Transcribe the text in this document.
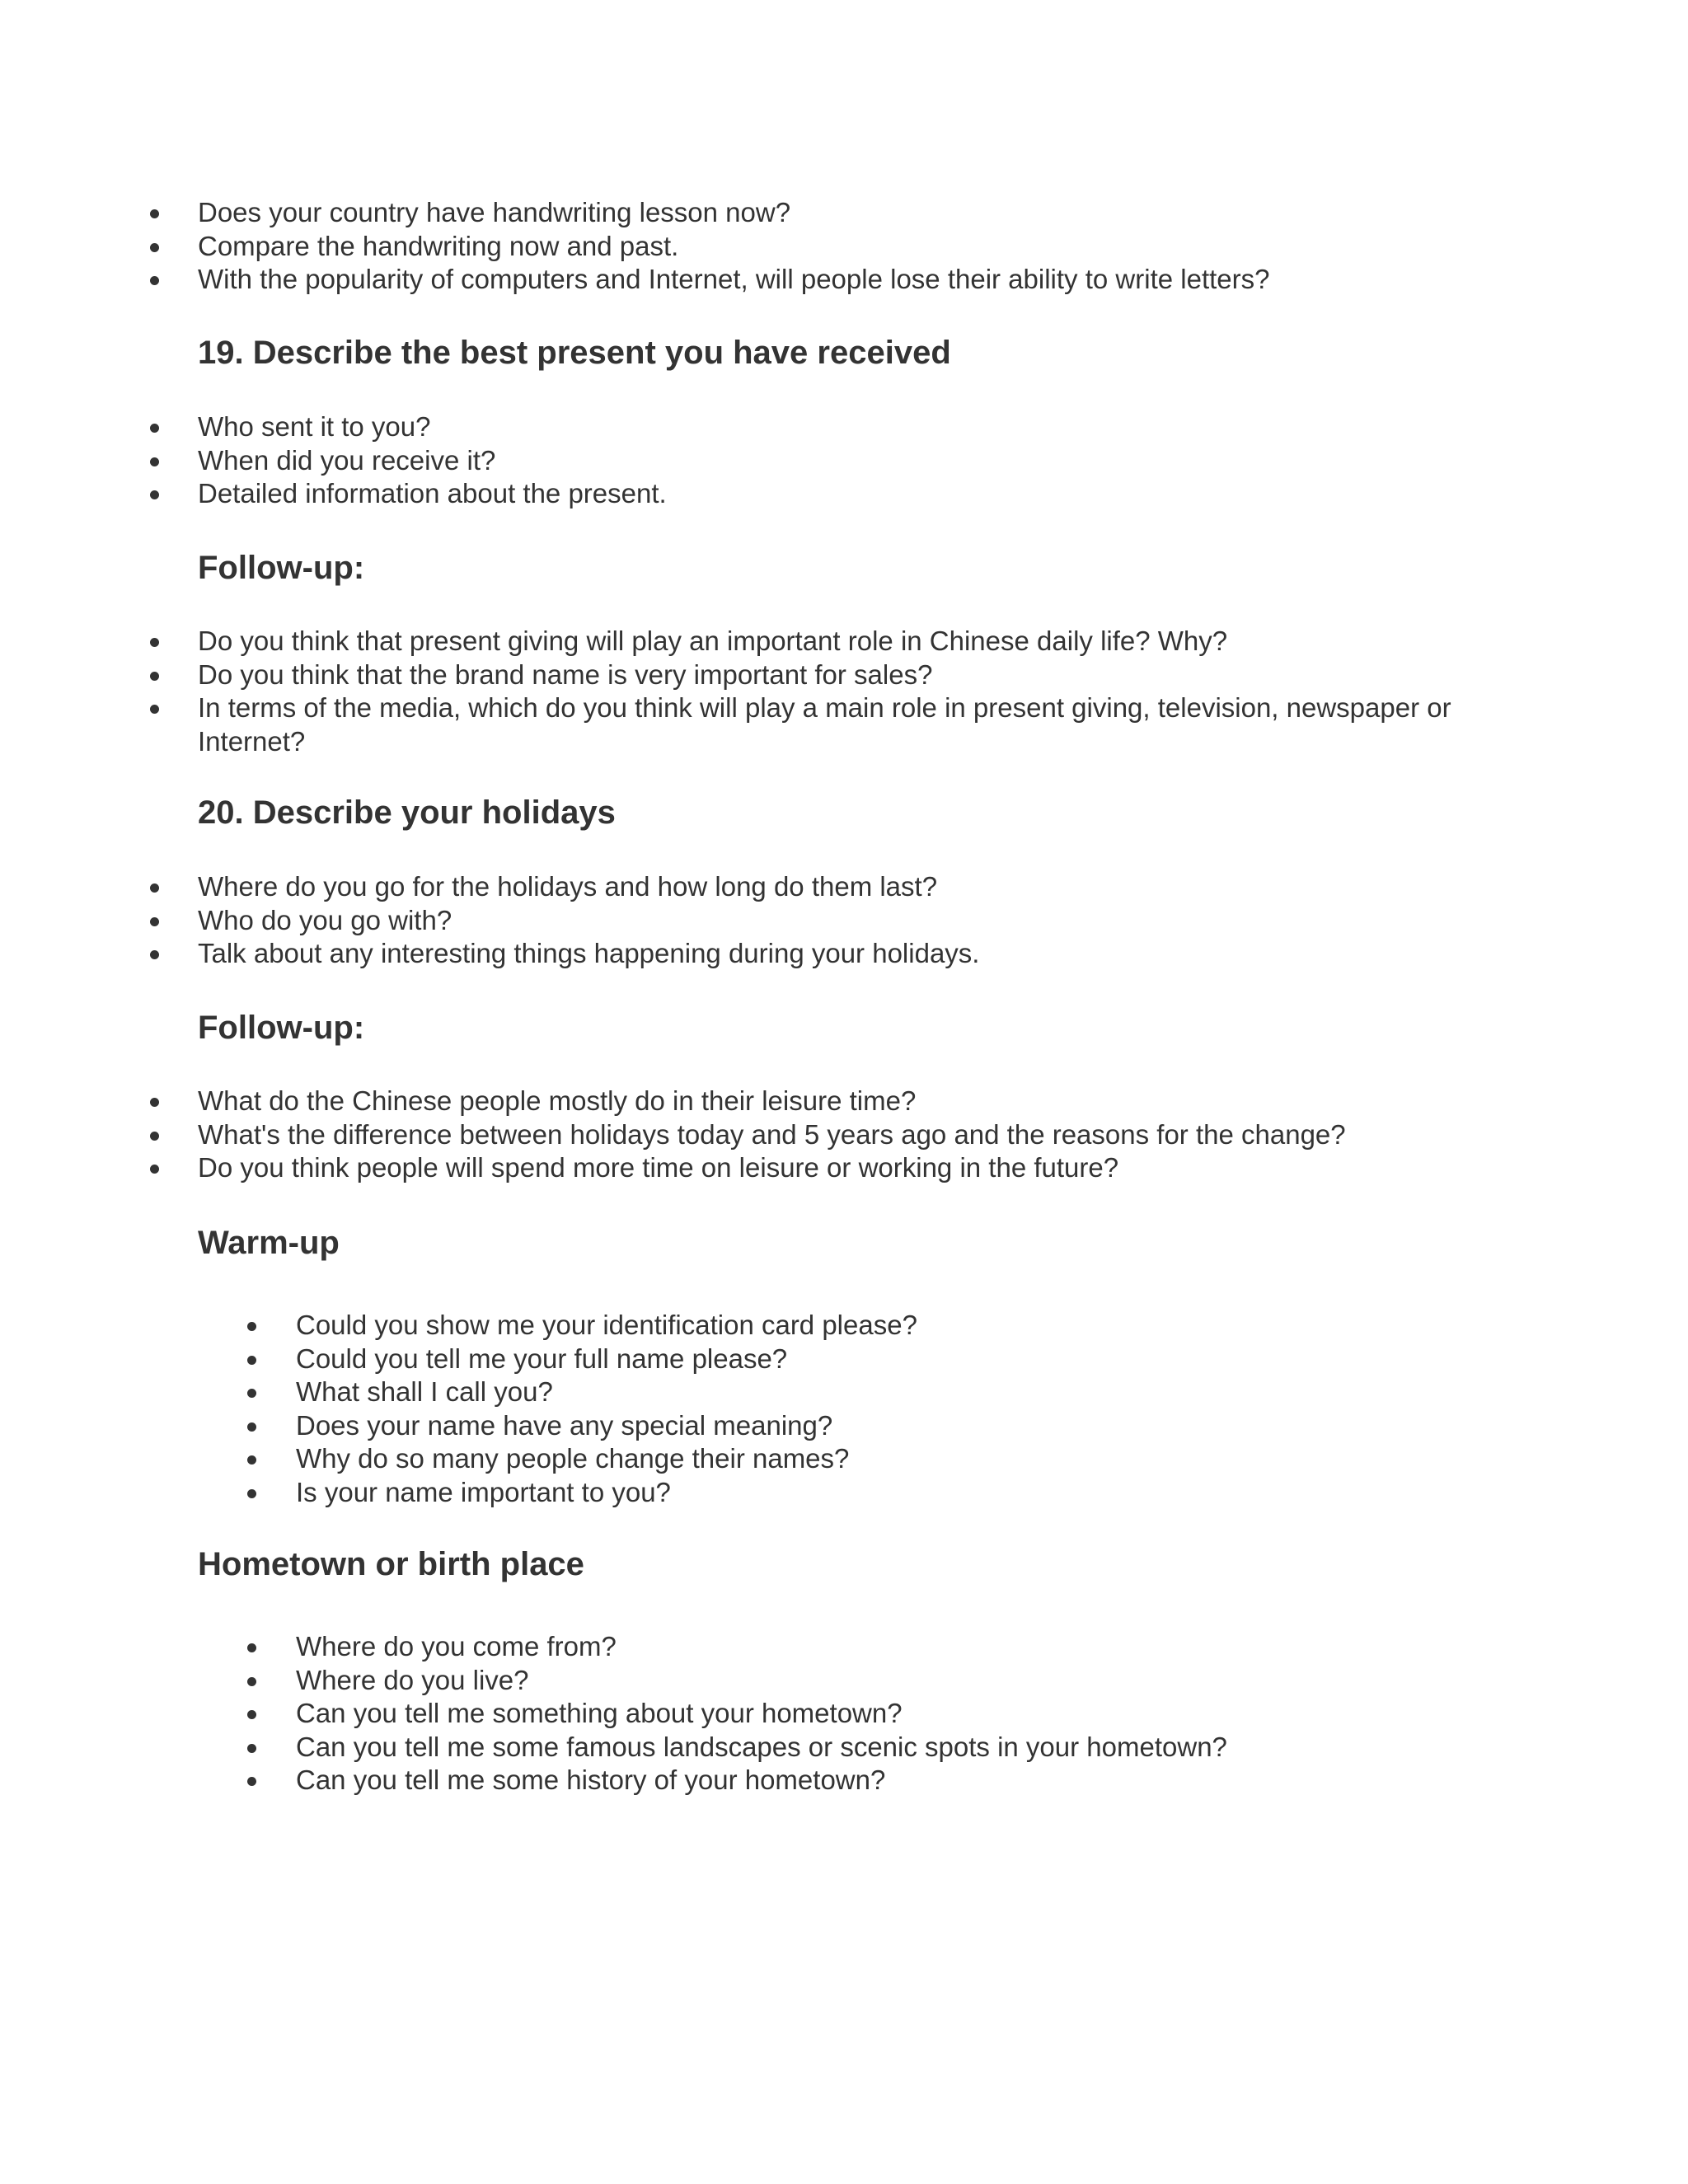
Does your country have handwriting lesson now?
Compare the handwriting now and past.
With the popularity of computers and Internet, will people lose their ability to write letters?
19. Describe the best present you have received
Who sent it to you?
When did you receive it?
Detailed information about the present.
Follow-up:
Do you think that present giving will play an important role in Chinese daily life? Why?
Do you think that the brand name is very important for sales?
In terms of the media, which do you think will play a main role in present giving, television, newspaper or Internet?
20. Describe your holidays
Where do you go for the holidays and how long do them last?
Who do you go with?
Talk about any interesting things happening during your holidays.
Follow-up:
What do the Chinese people mostly do in their leisure time?
What's the difference between holidays today and 5 years ago and the reasons for the change?
Do you think people will spend more time on leisure or working in the future?
Warm-up
Could you show me your identification card please?
Could you tell me your full name please?
What shall I call you?
Does your name have any special meaning?
Why do so many people change their names?
Is your name important to you?
Hometown or birth place
Where do you come from?
Where do you live?
Can you tell me something about your hometown?
Can you tell me some famous landscapes or scenic spots in your hometown?
Can you tell me some history of your hometown?
